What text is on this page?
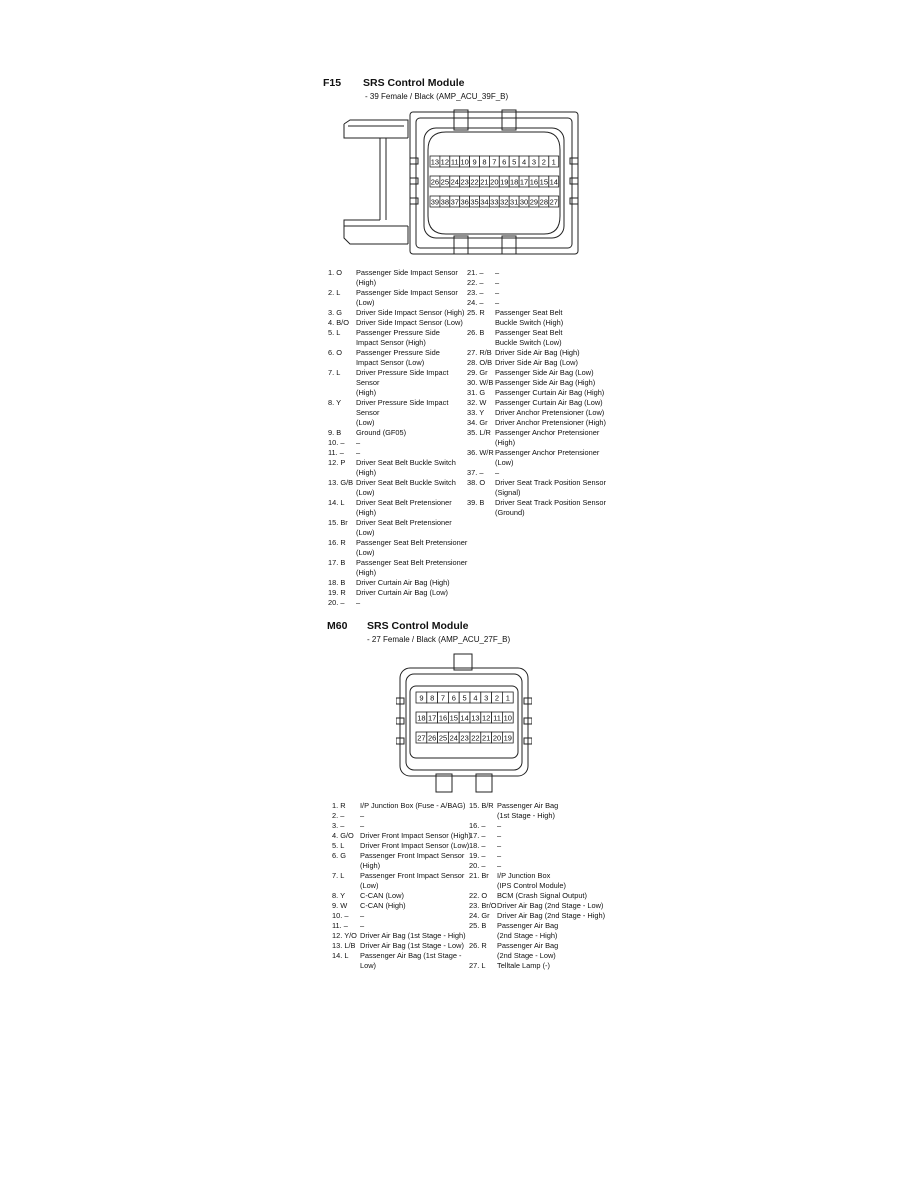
F15 SRS Control Module
- 39 Female / Black (AMP_ACU_39F_B)
13 12 11 10 9 8 7 6 5 4 3 2 1
26 25 24 23 22 21 20 19 18 17 16 15 14
39 38 37 36 35 34 33 32 31 30 29 28 27
1. O	Passenger Side Impact Sensor (High)
2. L	Passenger Side Impact Sensor (Low)
3. G	Driver Side Impact Sensor (High)
4. B/O Driver Side Impact Sensor (Low)
5. L	Passenger Pressure Side
Impact Sensor (High)
6. O	Passenger Pressure Side
Impact Sensor (Low)
7. L	Driver Pressure Side Impact Sensor
(High)
8. Y	Driver Pressure Side Impact Sensor
(Low)
9. B	Ground (GF05)
10. –	–
11. –	–
12. P	Driver Seat Belt Buckle Switch (High)
13. G/B Driver Seat Belt Buckle Switch (Low)
14. L	Driver Seat Belt Pretensioner (High)
15. Br	Driver Seat Belt Pretensioner (Low)
16. R	Passenger Seat Belt Pretensioner
(Low)
17. B	Passenger Seat Belt Pretensioner
(High)
18. B	Driver Curtain Air Bag (High)
19. R	Driver Curtain Air Bag (Low)
20. –	–
21. –	–
22. –	–
23. –	–
24. –	–
25. R	Passenger Seat Belt
Buckle Switch (High)
26. B	Passenger Seat Belt
Buckle Switch (Low)
27. R/B Driver Side Air Bag (High)
28. O/B Driver Side Air Bag (Low)
29. Gr	Passenger Side Air Bag (Low)
30. W/B Passenger Side Air Bag (High)
31. G	Passenger Curtain Air Bag (High)
32. W	Passenger Curtain Air Bag (Low)
33. Y	Driver Anchor Pretensioner (Low)
34. Gr	Driver Anchor Pretensioner (High)
35. L/R Passenger Anchor Pretensioner
(High)
36. W/R Passenger Anchor Pretensioner
(Low)
37. –	–
38. O	Driver Seat Track Position Sensor
(Signal)
39. B	Driver Seat Track Position Sensor
(Ground)
M60 SRS Control Module
- 27 Female / Black (AMP_ACU_27F_B)
9 8 7 6 5 4 3 2 1
18 17 16 15 14 13 12 11 10
27 26 25 24 23 22 21 20 19
1. R	I/P Junction Box (Fuse - A/BAG)
2. –	–
3. –	–
4. G/O Driver Front Impact Sensor (High)
5. L	Driver Front Impact Sensor (Low)
6. G	Passenger Front Impact Sensor
(High)
7. L	Passenger Front Impact Sensor
(Low)
8. Y	C-CAN (Low)
9. W	C-CAN (High)
10. –	–
11. –	–
12. Y/O Driver Air Bag (1st Stage - High)
13. L/B Driver Air Bag (1st Stage - Low)
14. L	Passenger Air Bag (1st Stage - Low)
15. B/R Passenger Air Bag
(1st Stage - High)
16. –	–
17. –	–
18. –	–
19. –	–
20. –	–
21. Br	I/P Junction Box
(IPS Control Module)
22. O	BCM (Crash Signal Output)
23. Br/O Driver Air Bag (2nd Stage - Low)
24. Gr	Driver Air Bag (2nd Stage - High)
25. B	Passenger Air Bag
(2nd Stage - High)
26. R	Passenger Air Bag
(2nd Stage - Low)
27. L	Telltale Lamp (-)
